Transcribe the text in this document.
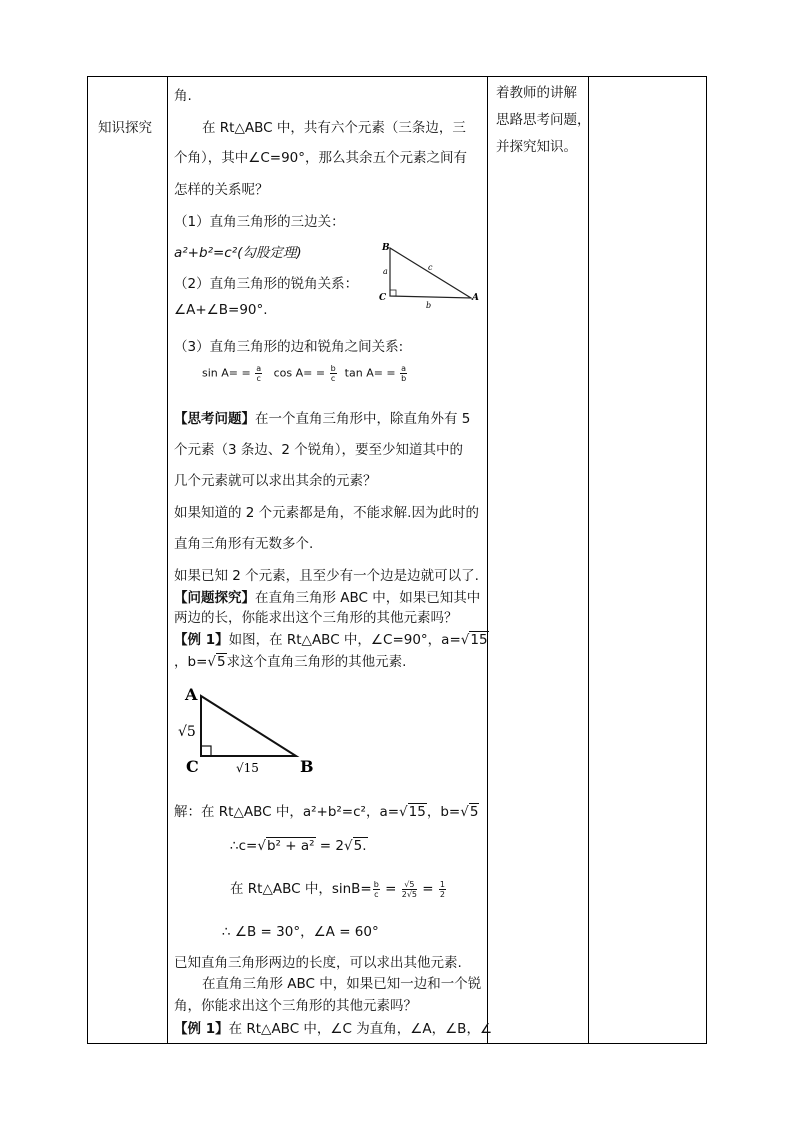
知识探究
着教师的讲解
思路思考问题，
并探究知识。
角.
在 Rt△ABC 中，共有六个元素（三条边，三
个角），其中∠C=90°，那么其余五个元素之间有
怎样的关系呢？
（1）直角三角形的三边关：
a²+b²=c²(勾股定理)
（2）直角三角形的锐角关系：
∠A+∠B=90°.
（3）直角三角形的边和锐角之间关系:
$\sin A= = \frac{a}{c}$ $\cos A= = \frac{b}{c}$ $\tan A= = \frac{a}{b}$
【思考问题】在一个直角三角形中，除直角外有 5
个元素（3 条边、2 个锐角），要至少知道其中的
几个元素就可以求出其余的元素？
如果知道的 2 个元素都是角，不能求解.因为此时的
直角三角形有无数多个.
如果已知 2 个元素，且至少有一个边是边就可以了.
【问题探究】在直角三角形 ABC 中，如果已知其中
两边的长，你能求出这个三角形的其他元素吗？
【例 1】如图，在 Rt△ABC 中，∠C=90°，a=√15
，b=√5求这个直角三角形的其他元素.
解：在 Rt△ABC 中，a²+b²=c²，a=√15，b=√5
∴c=√b² + a² = 2√5.
在 Rt△ABC 中，$\sin B= \frac{b}{c} = \frac{√5}{2√5} = \frac{1}{2}$
∴ ∠B = 30°，∠A = 60°
已知直角三角形两边的长度，可以求出其他元素.
在直角三角形 ABC 中，如果已知一边和一个锐
角，你能求出这个三角形的其他元素吗？
【例 1】在 Rt△ABC 中，∠C 为直角，∠A，∠B，∠
B
C	A
a	c
b
A
C	B
√5
√15
